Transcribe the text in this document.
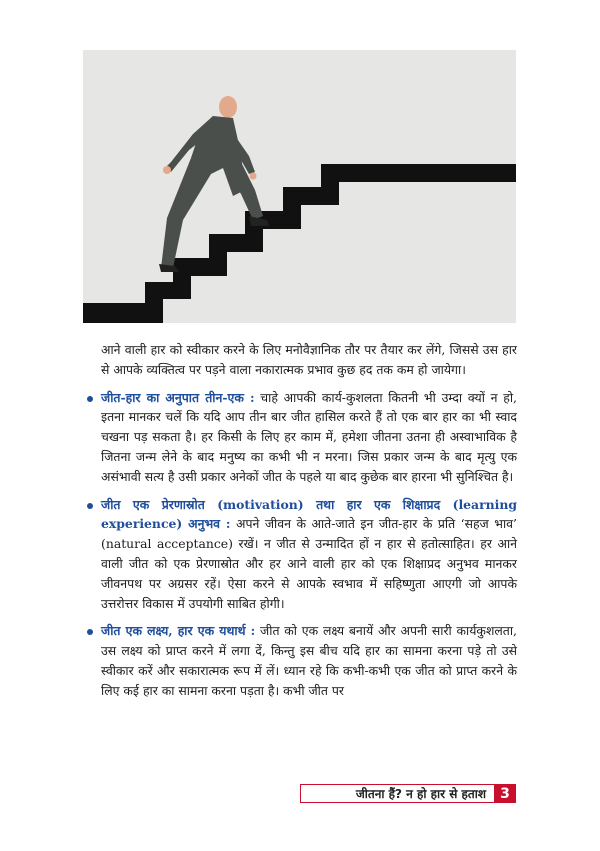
आने वाली हार को स्वीकार करने के लिए मनोवैज्ञानिक तौर पर तैयार कर लेंगे, जिससे उस हार से आपके व्यक्तित्व पर पड़ने वाला नकारात्मक प्रभाव कुछ हद तक कम हो जायेगा।

जीत-हार का अनुपात तीन-एक : चाहे आपकी कार्य-कुशलता कितनी भी उम्दा क्यों न हो, इतना मानकर चलें कि यदि आप तीन बार जीत हासिल करते हैं तो एक बार हार का भी स्वाद चखना पड़ सकता है। हर किसी के लिए हर काम में, हमेशा जीतना उतना ही अस्वाभाविक है जितना जन्म लेने के बाद मनुष्य का कभी भी न मरना। जिस प्रकार जन्म के बाद मृत्यु एक असंभावी सत्य है उसी प्रकार अनेकों जीत के पहले या बाद कुछेक बार हारना भी सुनिश्चित है।
जीत एक प्रेरणास्रोत (motivation) तथा हार एक शिक्षाप्रद (learning experience) अनुभव : अपने जीवन के आते-जाते इन जीत-हार के प्रति ‘सहज भाव’ (natural acceptance) रखें। न जीत से उन्मादित हों न हार से हतोत्साहित। हर आने वाली जीत को एक प्रेरणास्रोत और हर आने वाली हार को एक शिक्षाप्रद अनुभव मानकर जीवनपथ पर अग्रसर रहें। ऐसा करने से आपके स्वभाव में सहिष्णुता आएगी जो आपके उत्तरोत्तर विकास में उपयोगी साबित होगी।
जीत एक लक्ष्य, हार एक यथार्थ : जीत को एक लक्ष्य बनायें और अपनी सारी कार्यकुशलता, उस लक्ष्य को प्राप्त करने में लगा दें, किन्तु इस बीच यदि हार का सामना करना पड़े तो उसे स्वीकार करें और सकारात्मक रूप में लें। ध्यान रहे कि कभी-कभी एक जीत को प्राप्त करने के लिए कई हार का सामना करना पड़ता है। कभी जीत पर
जीतना हैं? न हो हार से हताश	3
